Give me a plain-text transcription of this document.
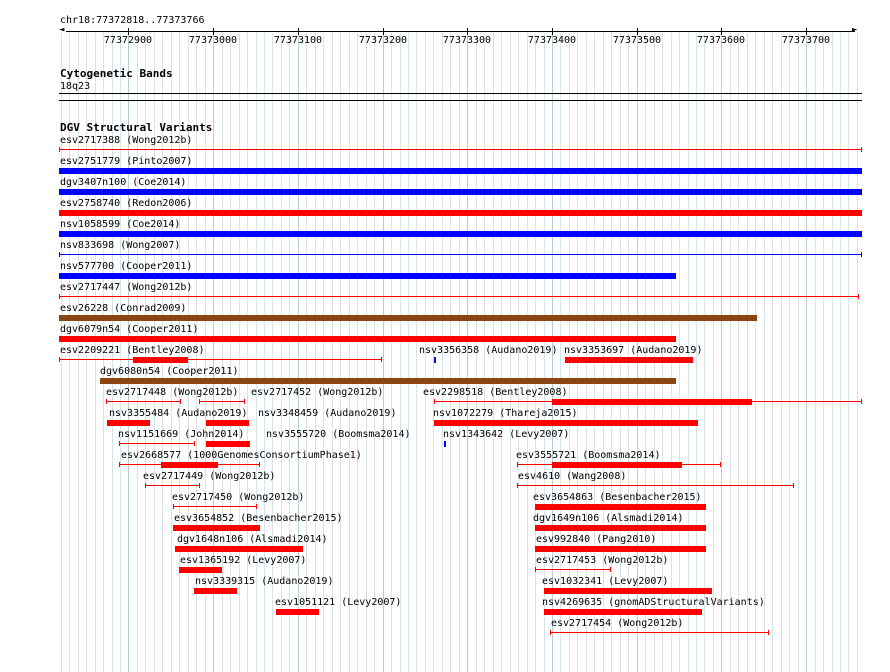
chr18:77372818..77373766
◄	►
77372900	77373000	77373100	77373200	77373300	77373400	77373500	77373600	77373700
Cytogenetic Bands
18q23
DGV Structural Variants
esv2717388 (Wong2012b)
esv2751779 (Pinto2007)
dgv3407n100 (Coe2014)
esv2758740 (Redon2006)
nsv1058599 (Coe2014)
nsv833698 (Wong2007)
nsv577700 (Cooper2011)
esv2717447 (Wong2012b)
esv26228 (Conrad2009)
dgv6079n54 (Cooper2011)
esv2209221 (Bentley2008)	nsv3356358 (Audano2019) nsv3353697 (Audano2019)
dgv6080n54 (Cooper2011)
esv2717448 (Wong2012b) esv2717452 (Wong2012b)	esv2298518 (Bentley2008)
nsv3355484 (Audano2019) nsv3348459 (Audano2019)	nsv1072279 (Thareja2015)
nsv1151669 (John2014) nsv3555720 (Boomsma2014)	nsv1343642 (Levy2007)
esv2668577 (1000GenomesConsortiumPhase1)	esv3555721 (Boomsma2014)
esv2717449 (Wong2012b)	esv4610 (Wang2008)
esv2717450 (Wong2012b)	esv3654863 (Besenbacher2015)
esv3654852 (Besenbacher2015)	dgv1649n106 (Alsmadi2014)
dgv1648n106 (Alsmadi2014)	esv992840 (Pang2010)
esv1365192 (Levy2007)	esv2717453 (Wong2012b)
nsv3339315 (Audano2019)	esv1032341 (Levy2007)
esv1051121 (Levy2007)	nsv4269635 (gnomADStructuralVariants)
esv2717454 (Wong2012b)
